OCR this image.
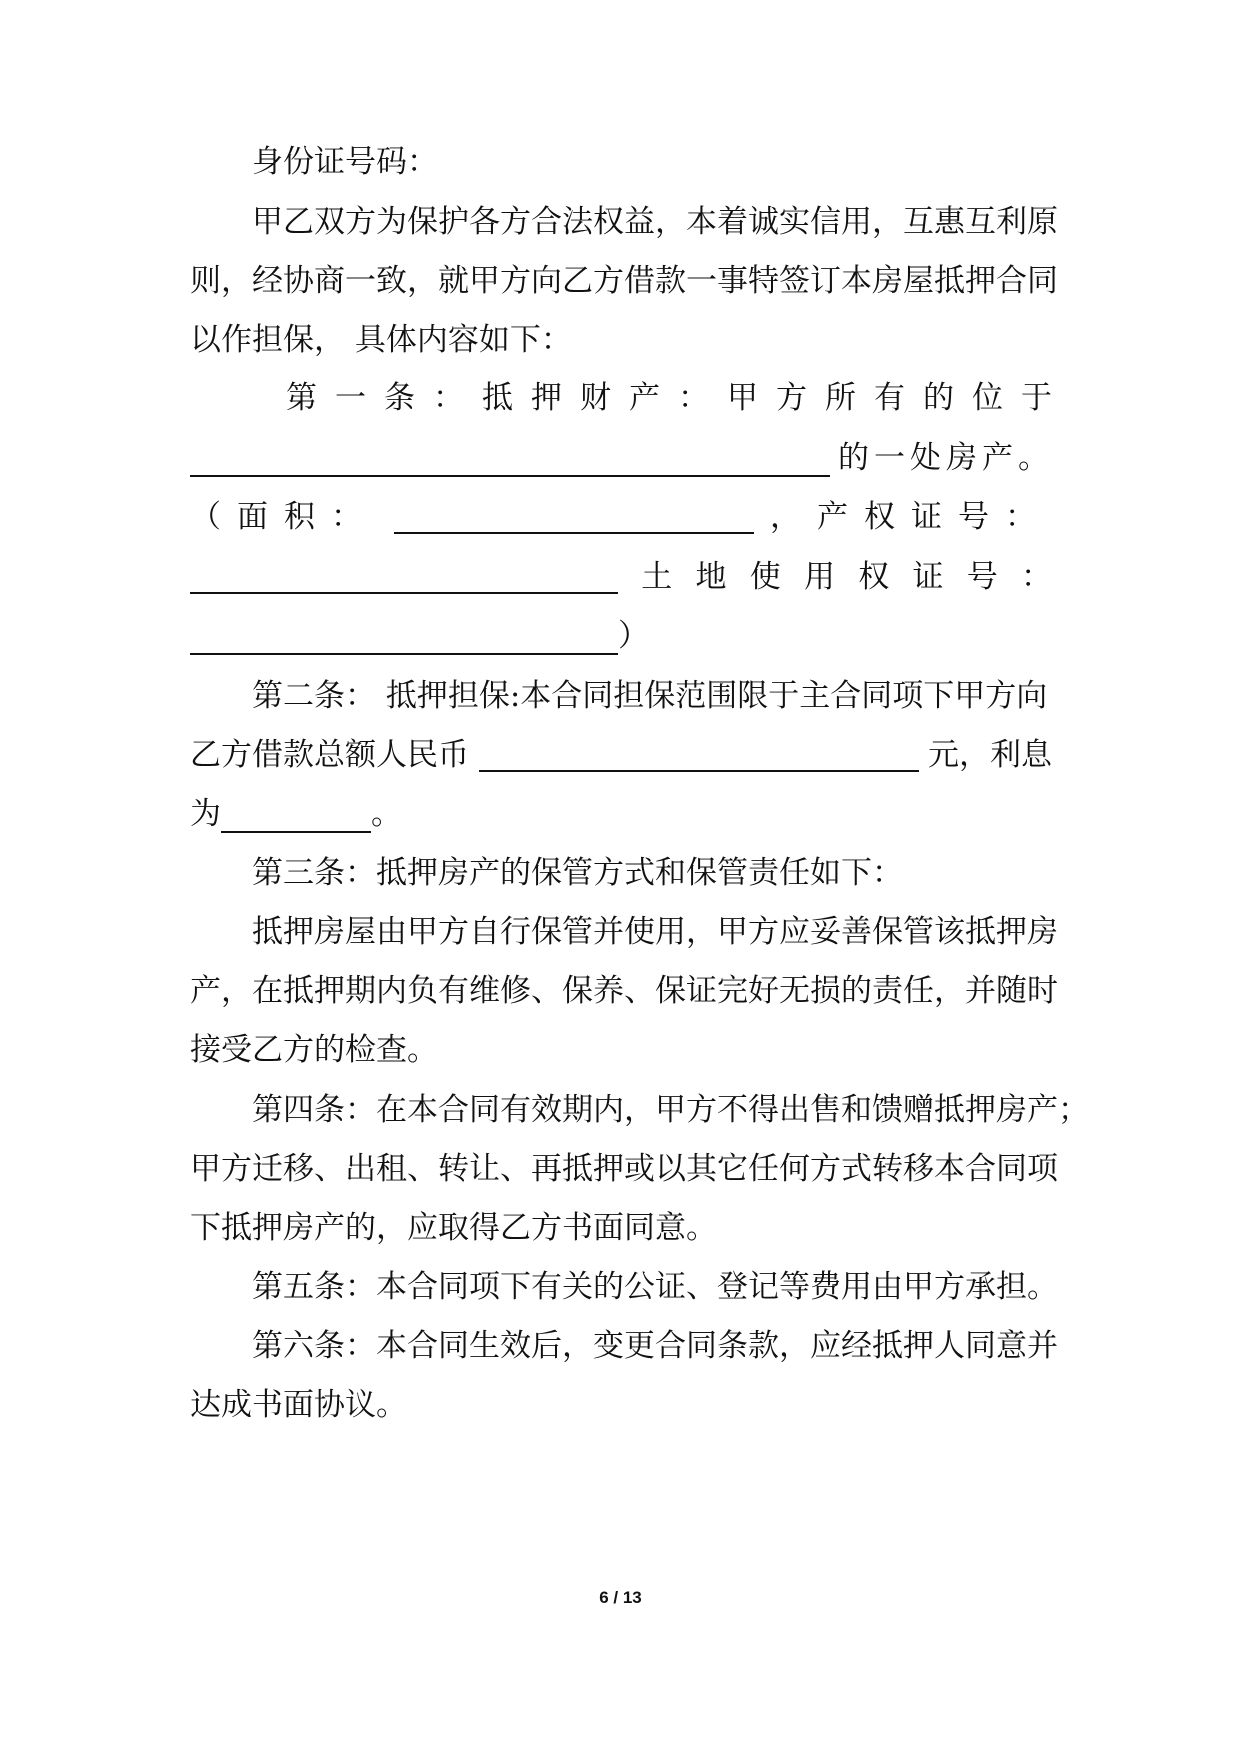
身份证号码：
甲乙双方为保护各方合法权益，本着诚实信用，互惠互利原
则，经协商一致，就甲方向乙方借款一事特签订本房屋抵押合同
以作担保， 具体内容如下：
第 一 条 ： 抵 押 财 产 ： 甲 方 所 有 的 位 于
的一处房产。
（面积：	，产权证号：
土 地 使 用 权 证 号 ：
）
第二条： 抵押担保:本合同担保范围限于主合同项下甲方向
乙方借款总额人民币	元，利息
为	。
第三条：抵押房产的保管方式和保管责任如下：
抵押房屋由甲方自行保管并使用，甲方应妥善保管该抵押房
产，在抵押期内负有维修、保养、保证完好无损的责任，并随时
接受乙方的检查。
第四条：在本合同有效期内，甲方不得出售和馈赠抵押房产；
甲方迁移、出租、转让、再抵押或以其它任何方式转移本合同项
下抵押房产的，应取得乙方书面同意。
第五条：本合同项下有关的公证、登记等费用由甲方承担。
第六条：本合同生效后，变更合同条款，应经抵押人同意并
达成书面协议。
6 / 13
